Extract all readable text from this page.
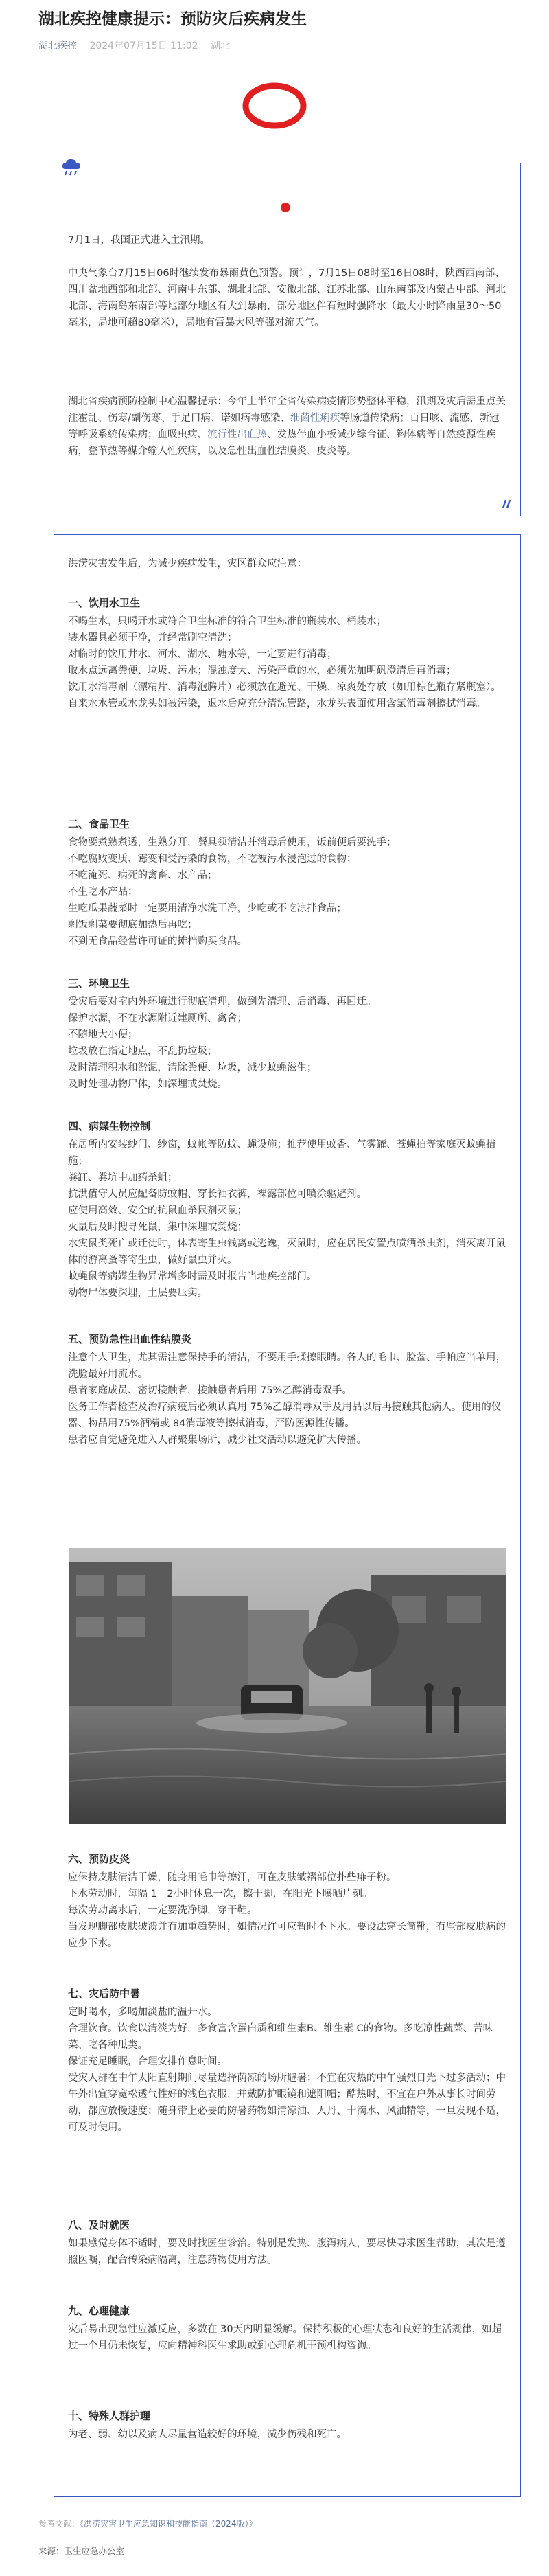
湖北疾控健康提示：预防灾后疾病发生
湖北疾控 2024年07月15日 11:02 湖北
7月1日，我国正式进入主汛期。
中央气象台7月15日06时继续发布暴雨黄色预警。预计，7月15日08时至16日08时，陕西西南部、四川盆地西部和北部、河南中东部、湖北北部、安徽北部、江苏北部、山东南部及内蒙古中部、河北北部、海南岛东南部等地部分地区有大到暴雨，部分地区伴有短时强降水（最大小时降雨量30～50毫米，局地可超80毫米），局地有雷暴大风等强对流天气。
湖北省疾病预防控制中心温馨提示：今年上半年全省传染病疫情形势整体平稳，汛期及灾后需重点关注霍乱、伤寒/副伤寒、手足口病、诺如病毒感染、细菌性痢疾等肠道传染病；百日咳、流感、新冠等呼吸系统传染病；血吸虫病、流行性出血热、发热伴血小板减少综合征、钩体病等自然疫源性疾病，登革热等媒介输入性疾病，以及急性出血性结膜炎、皮炎等。
洪涝灾害发生后，为减少疾病发生，灾区群众应注意：
一、饮用水卫生
不喝生水，只喝开水或符合卫生标准的符合卫生标准的瓶装水、桶装水；
装水器具必须干净，并经常刷空清洗；
对临时的饮用井水、河水、湖水、塘水等，一定要进行消毒；
取水点远离粪便、垃圾、污水；混浊度大、污染严重的水，必须先加明矾澄清后再消毒；
饮用水消毒剂（漂精片、消毒泡腾片）必须放在避光、干燥、凉爽处存放（如用棕色瓶存紧瓶塞）。
自来水水管或水龙头如被污染，退水后应充分清洗管路，水龙头表面使用含氯消毒剂擦拭消毒。
二、食品卫生
食物要煮熟煮透，生熟分开，餐具须清洁并消毒后使用，饭前便后要洗手；
不吃腐败变质、霉变和受污染的食物，不吃被污水浸泡过的食物；
不吃淹死、病死的禽畜、水产品；
不生吃水产品；
生吃瓜果蔬菜时一定要用清净水洗干净，少吃或不吃凉拌食品；
剩饭剩菜要彻底加热后再吃；
不到无食品经营许可证的摊档购买食品。
三、环境卫生
受灾后要对室内外环境进行彻底清理，做到先清理、后消毒、再回迁。
保护水源，不在水源附近建厕所、禽舍；
不随地大小便；
垃圾放在指定地点，不乱扔垃圾；
及时清理积水和淤泥，清除粪便、垃圾，减少蚊蝇滋生；
及时处理动物尸体，如深埋或焚烧。
四、病媒生物控制
在居所内安装纱门、纱窗，蚊帐等防蚊、蝇设施；推荐使用蚊香、气雾罐、苍蝇拍等家庭灭蚊蝇措施；
粪缸、粪坑中加药杀蛆；
抗洪值守人员应配备防蚊帽、穿长袖衣裤，裸露部位可喷涂驱避剂。
应使用高效、安全的抗鼠血杀鼠剂灭鼠；
灭鼠后及时搜寻死鼠，集中深埋或焚烧；
水灾鼠类死亡或迁徙时，体表寄生虫钱离或逃逸，灭鼠时，应在居民安置点喷洒杀虫剂，消灭离开鼠体的游离蚤等寄生虫，做好鼠虫并灭。
蚊蝇鼠等病媒生物异常增多时需及时报告当地疾控部门。
动物尸体要深埋，土层要压实。
五、预防急性出血性结膜炎
注意个人卫生，尤其需注意保持手的清洁，不要用手揉擦眼睛。各人的毛巾、脸盆、手帕应当单用，洗脸最好用流水。
患者家庭成员、密切接触者，接触患者后用 75%乙醇消毒双手。
医务工作者检查及治疗病疫后必须认真用 75%乙醇消毒双手及用品以后再接触其他病人。使用的仪器、物品用75%酒精或 84消毒液等擦拭消毒，严防医源性传播。
患者应自觉避免进入人群聚集场所，减少社交活动以避免扩大传播。
六、预防皮炎
应保持皮肤清洁干燥，随身用毛巾等擦汗，可在皮肤皱褶部位扑些痱子粉。
下水劳动时，每隔 1－2小时休息一次，擦干脚，在阳光下曝晒片刻。
每次劳动离水后，一定要洗净脚，穿干鞋。
当发现脚部皮肤破溃并有加重趋势时，如情况许可应暂时不下水。要设法穿长筒靴，有些部皮肤病的应少下水。
七、灾后防中暑
定时喝水，多喝加淡盐的温开水。
合理饮食。饮食以清淡为好，多食富含蛋白质和维生素B、维生素 C的食物。多吃凉性蔬菜、苦味菜、吃各种瓜类。
保证充足睡眠，合理安排作息时间。
受灾人群在中午太阳直射期间尽量选择荫凉的场所避暑；不宜在灾热的中午强烈日光下过多活动；中午外出宜穿宽松透气性好的浅色衣服，并戴防护眼镜和遮阳帽；酷热时，不宜在户外从事长时间劳动，都应放慢速度；随身带上必要的防暑药物如清凉油、人丹、十滴水、风油精等，一旦发现不适，可及时使用。
八、及时就医
如果感觉身体不适时，要及时找医生诊治。特别是发热、腹泻病人，要尽快寻求医生帮助，其次是遵照医嘱，配合传染病隔离，注意药物使用方法。
九、心理健康
灾后易出现急性应激反应，多数在 30天内明显缓解。保持积极的心理状态和良好的生活规律，如超过一个月仍未恢复，应向精神科医生求助或到心理危机干预机构咨询。
十、特殊人群护理
为老、弱、幼以及病人尽量营造较好的环境，减少伤残和死亡。
参考文献：《洪涝灾害卫生应急知识和技能指南（2024版）》
来源：卫生应急办公室
